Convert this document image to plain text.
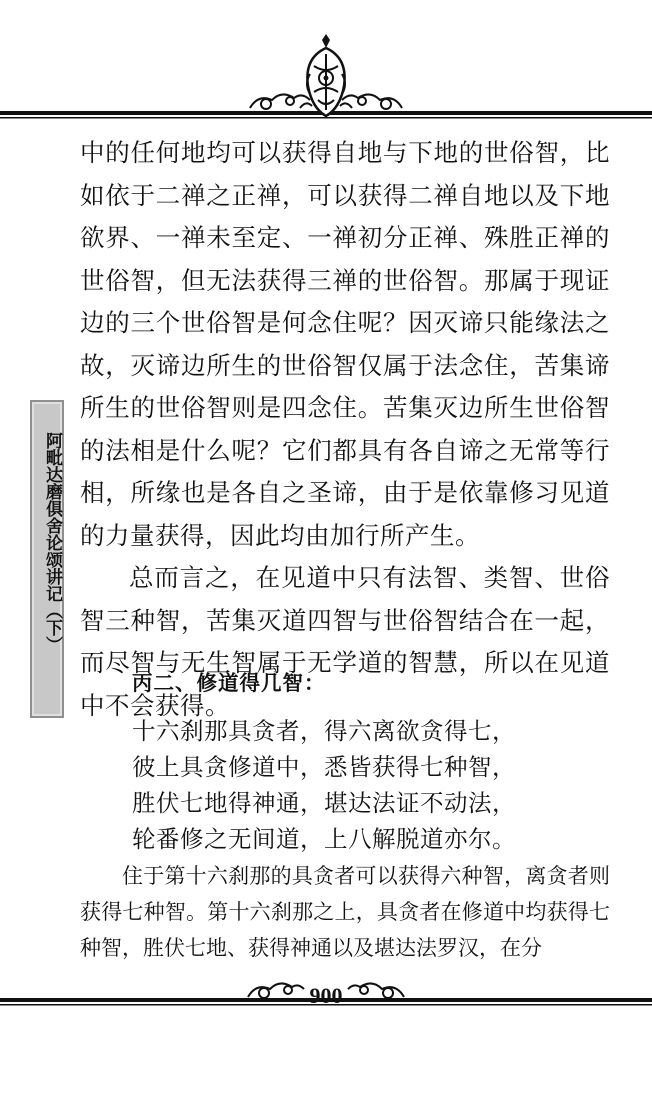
阿毗达磨俱舍论颂讲记（下）

中的任何地均可以获得自地与下地的世俗智，比如依于二禅之正禅，可以获得二禅自地以及下地欲界、一禅未至定、一禅初分正禅、殊胜正禅的世俗智，但无法获得三禅的世俗智。那属于现证边的三个世俗智是何念住呢？因灭谛只能缘法之故，灭谛边所生的世俗智仅属于法念住，苦集谛所生的世俗智则是四念住。苦集灭边所生世俗智的法相是什么呢？它们都具有各自谛之无常等行相，所缘也是各自之圣谛，由于是依靠修习见道的力量获得，因此均由加行所产生。

总而言之，在见道中只有法智、类智、世俗智三种智，苦集灭道四智与世俗智结合在一起，而尽智与无生智属于无学道的智慧，所以在见道中不会获得。

丙二、修道得几智：
十六刹那具贪者，得六离欲贪得七，
彼上具贪修道中，悉皆获得七种智，
胜伏七地得神通，堪达法证不动法，
轮番修之无间道，上八解脱道亦尔。
住于第十六刹那的具贪者可以获得六种智，离贪者则获得七种智。第十六刹那之上，具贪者在修道中均获得七种智，胜伏七地、获得神通以及堪达法罗汉，在分
900
